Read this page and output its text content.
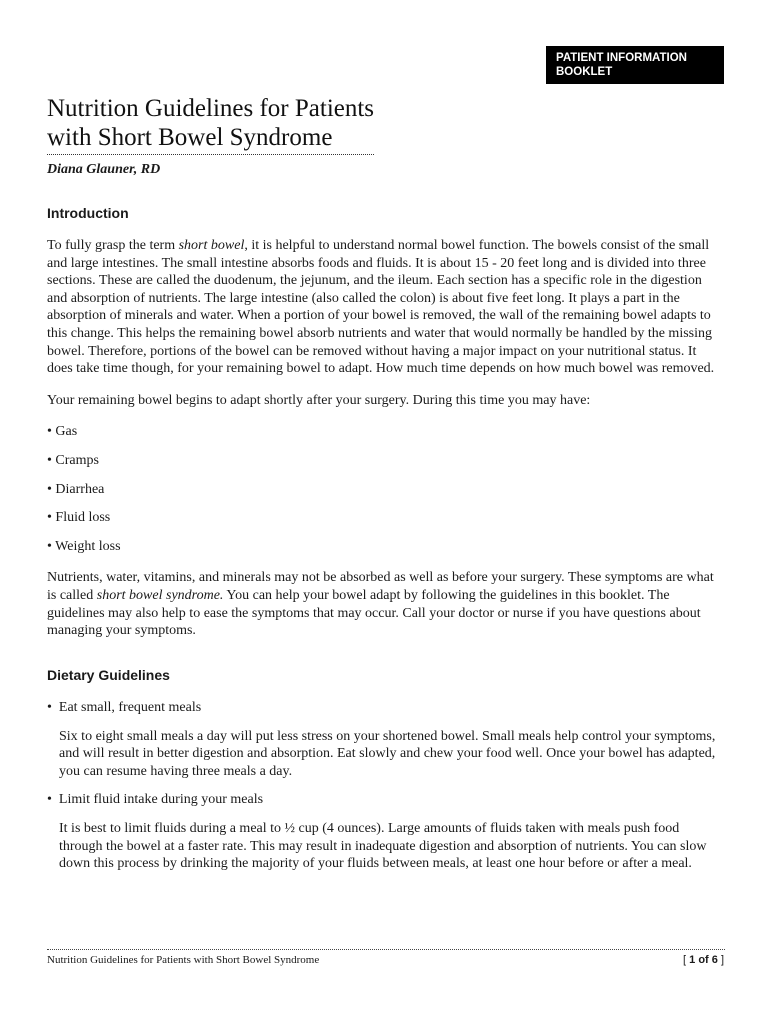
PATIENT INFORMATION
BOOKLET
Nutrition Guidelines for Patients
with Short Bowel Syndrome
Diana Glauner, RD
Introduction

To fully grasp the term short bowel, it is helpful to understand normal bowel function. The bowels consist of the small and large intestines. The small intestine absorbs foods and fluids. It is about 15 - 20 feet long and is divided into three sections. These are called the duodenum, the jejunum, and the ileum. Each section has a specific role in the digestion and absorption of nutrients. The large intestine (also called the colon) is about five feet long. It plays a part in the absorption of minerals and water. When a portion of your bowel is removed, the wall of the remaining bowel adapts to this change. This helps the remaining bowel absorb nutrients and water that would normally be handled by the missing bowel. Therefore, portions of the bowel can be removed without having a major impact on your nutritional status. It does take time though, for your remaining bowel to adapt. How much time depends on how much bowel was removed.

Your remaining bowel begins to adapt shortly after your surgery. During this time you may have:

• Gas
• Cramps
• Diarrhea
• Fluid loss
• Weight loss

Nutrients, water, vitamins, and minerals may not be absorbed as well as before your surgery. These symptoms are what is called short bowel syndrome. You can help your bowel adapt by following the guidelines in this booklet. The guidelines may also help to ease the symptoms that may occur. Call your doctor or nurse if you have questions about managing your symptoms.

Dietary Guidelines
•  Eat small, frequent meals

Six to eight small meals a day will put less stress on your shortened bowel. Small meals help control your symptoms, and will result in better digestion and absorption. Eat slowly and chew your food well. Once your bowel has adapted, you can resume having three meals a day.

•  Limit fluid intake during your meals

It is best to limit fluids during a meal to ½ cup (4 ounces). Large amounts of fluids taken with meals push food through the bowel at a faster rate. This may result in inadequate digestion and absorption of nutrients. You can slow down this process by drinking the majority of your fluids between meals, at least one hour before or after a meal.

Nutrition Guidelines for Patients with Short Bowel Syndrome	[ 1 of 6 ]
